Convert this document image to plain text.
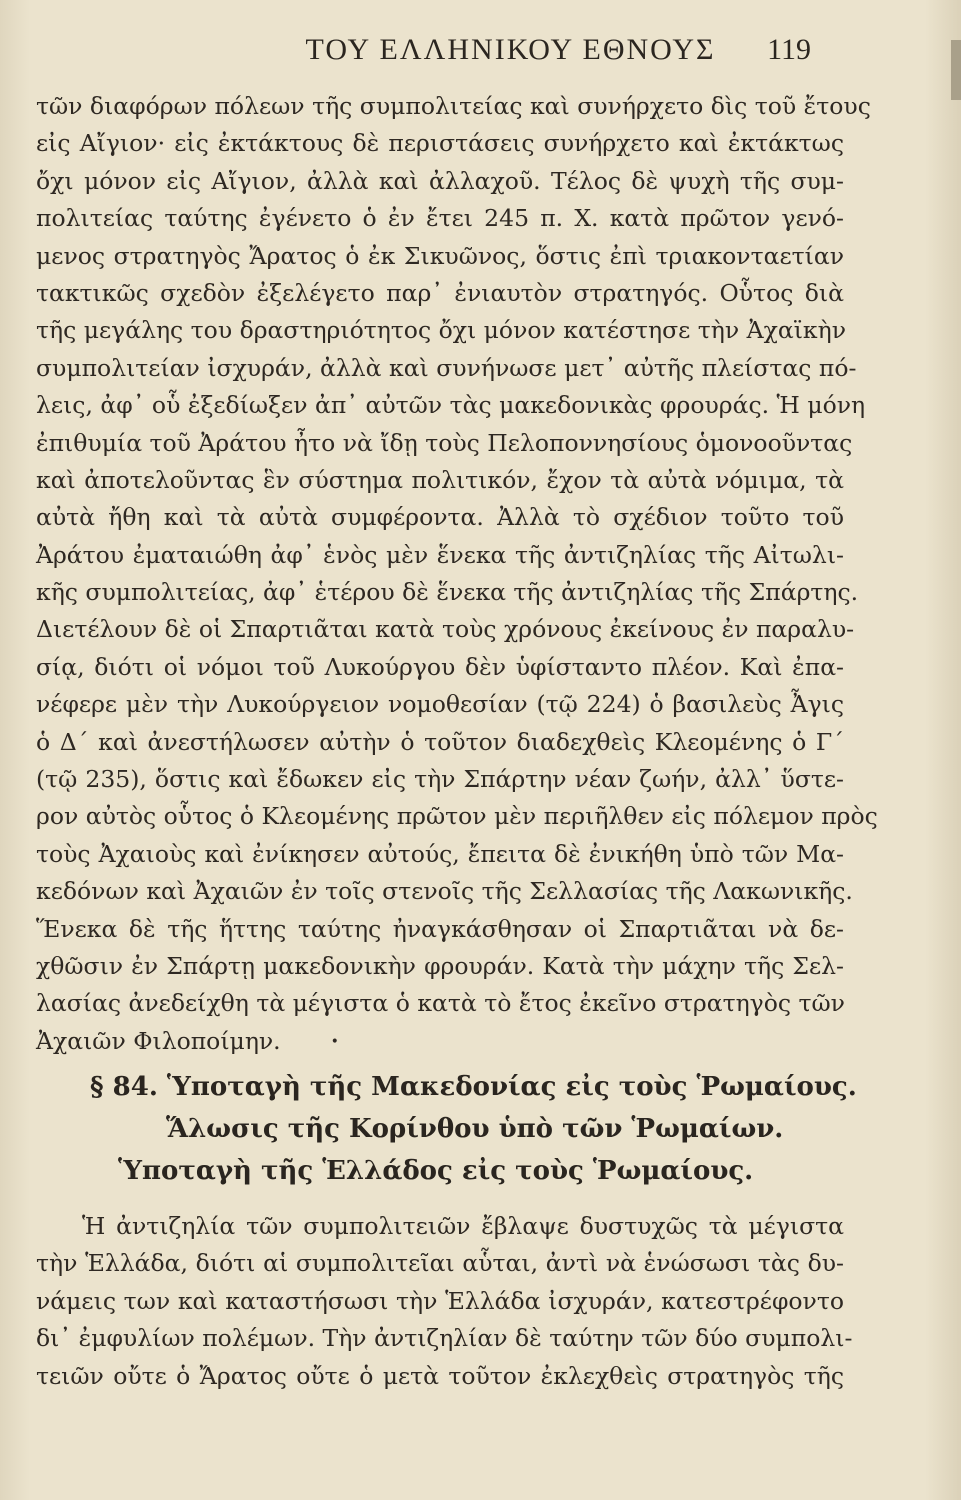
ΤΟΥ ΕΛΛΗΝΙΚΟΥ ΕΘΝΟΥΣ	119
τῶν διαφόρων πόλεων τῆς συμπολιτείας καὶ συνήρχετο δὶς τοῦ ἔτους
εἰς Αἴγιον· εἰς ἐκτάκτους δὲ περιστάσεις συνήρχετο καὶ ἐκτάκτως
ὄχι μόνον εἰς Αἴγιον, ἀλλὰ καὶ ἀλλαχοῦ. Τέλος δὲ ψυχὴ τῆς συμ-
πολιτείας ταύτης ἐγένετο ὁ ἐν ἔτει 245 π. Χ. κατὰ πρῶτον γενό-
μενος στρατηγὸς Ἄρατος ὁ ἐκ Σικυῶνος, ὅστις ἐπὶ τριακονταετίαν
τακτικῶς σχεδὸν ἐξελέγετο παρ᾽ ἐνιαυτὸν στρατηγός. Οὗτος διὰ
τῆς μεγάλης του δραστηριότητος ὄχι μόνον κατέστησε τὴν Ἀχαϊκὴν
συμπολιτείαν ἰσχυράν, ἀλλὰ καὶ συνήνωσε μετ᾽ αὐτῆς πλείστας πό-
λεις, ἀφ᾽ οὗ ἐξεδίωξεν ἀπ᾽ αὐτῶν τὰς μακεδονικὰς φρουράς. Ἡ μόνη
ἐπιθυμία τοῦ Ἀράτου ἦτο νὰ ἴδῃ τοὺς Πελοποννησίους ὁμονοοῦντας
καὶ ἀποτελοῦντας ἓν σύστημα πολιτικόν, ἔχον τὰ αὐτὰ νόμιμα, τὰ
αὐτὰ ἤθη καὶ τὰ αὐτὰ συμφέροντα. Ἀλλὰ τὸ σχέδιον τοῦτο τοῦ
Ἀράτου ἐματαιώθη ἀφ᾽ ἑνὸς μὲν ἕνεκα τῆς ἀντιζηλίας τῆς Αἰτωλι-
κῆς συμπολιτείας, ἀφ᾽ ἑτέρου δὲ ἕνεκα τῆς ἀντιζηλίας τῆς Σπάρτης.
Διετέλουν δὲ οἱ Σπαρτιᾶται κατὰ τοὺς χρόνους ἐκείνους ἐν παραλυ-
σίᾳ, διότι οἱ νόμοι τοῦ Λυκούργου δὲν ὑφίσταντο πλέον. Καὶ ἐπα-
νέφερε μὲν τὴν Λυκούργειον νομοθεσίαν (τῷ 224) ὁ βασιλεὺς Ἆγις
ὁ Δ´ καὶ ἀνεστήλωσεν αὐτὴν ὁ τοῦτον διαδεχθεὶς Κλεομένης ὁ Γ´
(τῷ 235), ὅστις καὶ ἔδωκεν εἰς τὴν Σπάρτην νέαν ζωήν, ἀλλ᾽ ὕστε-
ρον αὐτὸς οὗτος ὁ Κλεομένης πρῶτον μὲν περιῆλθεν εἰς πόλεμον πρὸς
τοὺς Ἀχαιοὺς καὶ ἐνίκησεν αὐτούς, ἔπειτα δὲ ἐνικήθη ὑπὸ τῶν Μα-
κεδόνων καὶ Ἀχαιῶν ἐν τοῖς στενοῖς τῆς Σελλασίας τῆς Λακωνικῆς.
Ἕνεκα δὲ τῆς ἥττης ταύτης ἠναγκάσθησαν οἱ Σπαρτιᾶται νὰ δε-
χθῶσιν ἐν Σπάρτῃ μακεδονικὴν φρουράν. Κατὰ τὴν μάχην τῆς Σελ-
λασίας ἀνεδείχθη τὰ μέγιστα ὁ κατὰ τὸ ἔτος ἐκεῖνο στρατηγὸς τῶν
Ἀχαιῶν Φιλοποίμην.	•
§ 84. Ὑποταγὴ τῆς Μακεδονίας εἰς τοὺς Ῥωμαίους.
Ἅλωσις τῆς Κορίνθου ὑπὸ τῶν Ῥωμαίων.
Ὑποταγὴ τῆς Ἑλλάδος εἰς τοὺς Ῥωμαίους.
Ἡ ἀντιζηλία τῶν συμπολιτειῶν ἔβλαψε δυστυχῶς τὰ μέγιστα
τὴν Ἑλλάδα, διότι αἱ συμπολιτεῖαι αὗται, ἀντὶ νὰ ἑνώσωσι τὰς δυ-
νάμεις των καὶ καταστήσωσι τὴν Ἑλλάδα ἰσχυράν, κατεστρέφοντο
δι᾽ ἐμφυλίων πολέμων. Τὴν ἀντιζηλίαν δὲ ταύτην τῶν δύο συμπολι-
τειῶν οὔτε ὁ Ἄρατος οὔτε ὁ μετὰ τοῦτον ἐκλεχθεὶς στρατηγὸς τῆς
